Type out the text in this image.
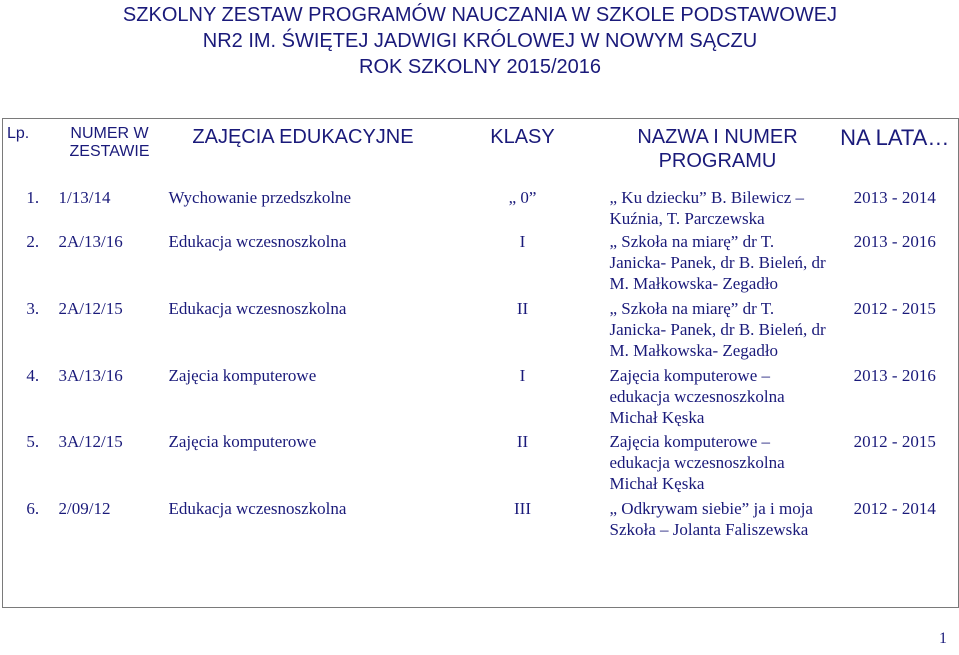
SZKOLNY ZESTAW PROGRAMÓW NAUCZANIA W SZKOLE PODSTAWOWEJ
NR2 IM. ŚWIĘTEJ JADWIGI KRÓLOWEJ W NOWYM SĄCZU
ROK SZKOLNY 2015/2016
Lp.	NUMER W ZESTAWIE	ZAJĘCIA EDUKACYJNE	KLASY	NAZWA I NUMER PROGRAMU	NA LATA…
1.	1/13/14	Wychowanie przedszkolne	„ 0”	„ Ku dziecku” B. Bilewicz – Kuźnia, T. Parczewska	2013 - 2014
2.	2A/13/16	Edukacja wczesnoszkolna	I	„ Szkoła na miarę” dr T. Janicka- Panek, dr B. Bieleń, dr M. Małkowska- Zegadło	2013 - 2016
3.	2A/12/15	Edukacja wczesnoszkolna	II	„ Szkoła na miarę” dr T. Janicka- Panek, dr B. Bieleń, dr M. Małkowska- Zegadło	2012 - 2015
4.	3A/13/16	Zajęcia komputerowe	I	Zajęcia komputerowe – edukacja wczesnoszkolna Michał Kęska	2013 - 2016
5.	3A/12/15	Zajęcia komputerowe	II	Zajęcia komputerowe – edukacja wczesnoszkolna Michał Kęska	2012 - 2015
6.	2/09/12	Edukacja wczesnoszkolna	III	„ Odkrywam siebie” ja i moja Szkoła – Jolanta Faliszewska	2012 - 2014
1
